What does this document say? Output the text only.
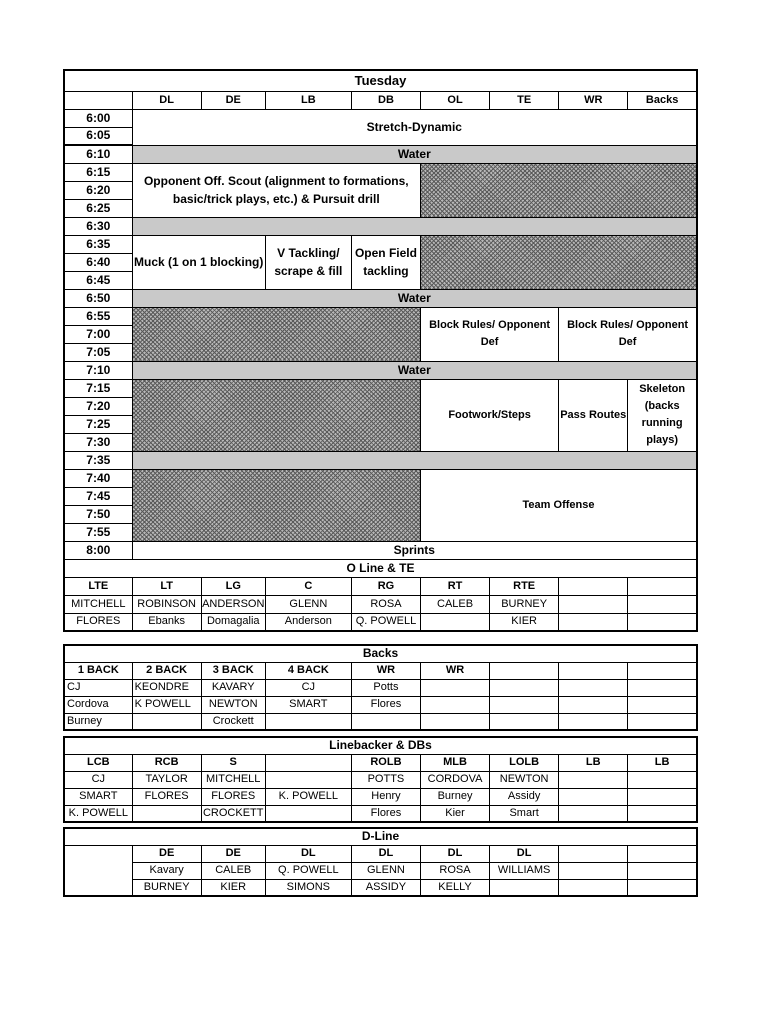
Tuesday								
	DL	DE	LB	DB	OL	TE	WR	Backs
6:00	Stretch-Dynamic							
6:05								
6:10	Water							
6:15	Opponent Off. Scout (alignment to formations, basic/trick plays, etc.) & Pursuit drill							
6:20								
6:25								
6:30								
6:35	Muck (1 on 1 blocking)		V Tackling/ scrape & fill	Open Field tackling				
6:40								
6:45								
6:50	Water							
6:55					Block Rules/ Opponent Def		Block Rules/ Opponent Def	
7:00								
7:05								
7:10	Water							
7:15					Footwork/Steps		Pass Routes	Skeleton (backs running plays)
7:20								
7:25								
7:30								
7:35								
7:40					Team Offense			
7:45								
7:50								
7:55								
8:00	Sprints							
O Line & TE								
LTE	LT	LG	C	RG	RT	RTE		
MITCHELL	ROBINSON	ANDERSON	GLENN	ROSA	CALEB	BURNEY		
FLORES	Ebanks	Domagalia	Anderson	Q. POWELL		KIER		
Backs								
1 BACK	2 BACK	3 BACK	4 BACK	WR	WR			
CJ	KEONDRE	KAVARY	CJ	Potts				
Cordova	K POWELL	NEWTON	SMART	Flores				
Burney		Crockett						
Linebacker & DBs								
LCB	RCB	S		ROLB	MLB	LOLB	LB	LB
CJ	TAYLOR	MITCHELL		POTTS	CORDOVA	NEWTON		
SMART	FLORES	FLORES	K. POWELL	Henry	Burney	Assidy		
K. POWELL		CROCKETT		Flores	Kier	Smart		
D-Line								
	DE	DE	DL	DL	DL	DL		
	Kavary	CALEB	Q. POWELL	GLENN	ROSA	WILLIAMS		
	BURNEY	KIER	SIMONS	ASSIDY	KELLY			
